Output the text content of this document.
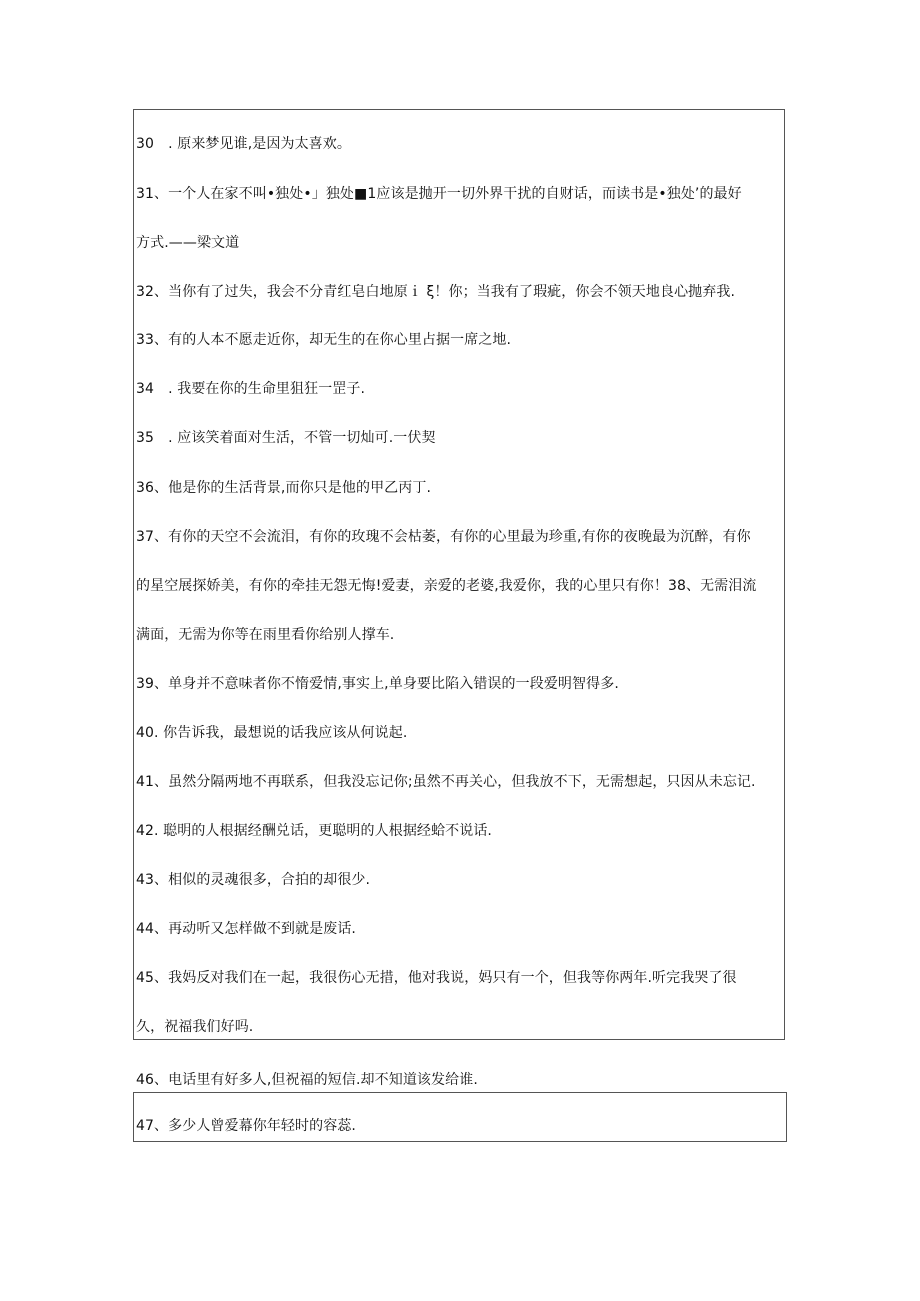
30　. 原来梦见谁,是因为太喜欢。
31、一个人在家不叫•独处•」独处■1应该是抛开一切外界干扰的自财话，而读书是•独处’的最好
方式.——梁文道
32、当你有了过失，我会不分青红皂白地原ｉ ξ！你；当我有了瑕疵，你会不领天地良心抛弃我.
33、有的人本不愿走近你，却无生的在你心里占据一席之地.
34　. 我要在你的生命里狙狂一罡子.
35　. 应该笑着面对生活，不管一切灿可.一伏契
36、他是你的生活背景,而你只是他的甲乙丙丁.
37、有你的天空不会流泪，有你的玫瑰不会枯萎，有你的心里最为珍重,有你的夜晚最为沉醉，有你
的星空展探娇美，有你的牵挂无怨无悔!爱妻，亲爱的老婆,我爱你，我的心里只有你！38、无需泪流
满面，无需为你等在雨里看你给别人撑车.
39、单身并不意味者你不惰爱情,事实上,单身要比陷入错误的一段爱明智得多.
40. 你告诉我，最想说的话我应该从何说起.
41、虽然分隔两地不再联系，但我没忘记你;虽然不再关心，但我放不下，无需想起，只因从未忘记.
42. 聪明的人根据经酬兑话，更聪明的人根据经蛤不说话.
43、相似的灵魂很多，合拍的却很少.
44、再动听又怎样做不到就是废话.
45、我妈反对我们在一起，我很伤心无措，他对我说，妈只有一个，但我等你两年.听完我哭了很
久，祝福我们好吗.
46、电话里有好多人,但祝福的短信.却不知道该发给谁.
47、多少人曾爱幕你年轻时的容蕊.
